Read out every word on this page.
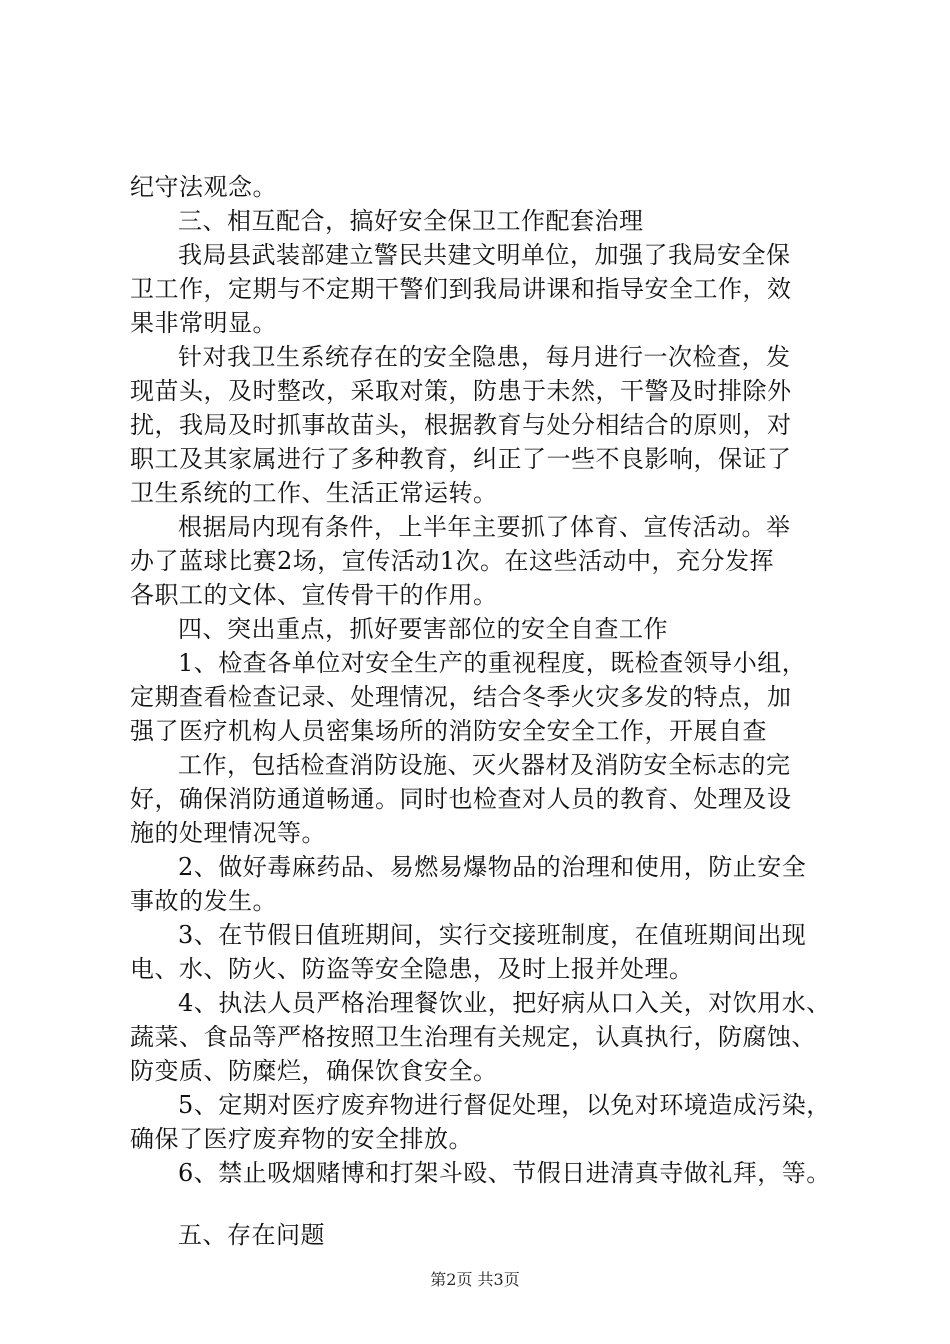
纪守法观念。
三、相互配合，搞好安全保卫工作配套治理
我局县武装部建立警民共建文明单位，加强了我局安全保
卫工作，定期与不定期干警们到我局讲课和指导安全工作，效
果非常明显。
针对我卫生系统存在的安全隐患，每月进行一次检查，发
现苗头，及时整改，采取对策，防患于未然，干警及时排除外
扰，我局及时抓事故苗头，根据教育与处分相结合的原则，对
职工及其家属进行了多种教育，纠正了一些不良影响，保证了
卫生系统的工作、生活正常运转。
根据局内现有条件，上半年主要抓了体育、宣传活动。举
办了蓝球比赛2场，宣传活动1次。在这些活动中，充分发挥
各职工的文体、宣传骨干的作用。
四、突出重点，抓好要害部位的安全自查工作
1、检查各单位对安全生产的重视程度，既检查领导小组，
定期查看检查记录、处理情况，结合冬季火灾多发的特点，加
强了医疗机构人员密集场所的消防安全安全工作，开展自查
工作，包括检查消防设施、灭火器材及消防安全标志的完
好，确保消防通道畅通。同时也检查对人员的教育、处理及设
施的处理情况等。
2、做好毒麻药品、易燃易爆物品的治理和使用，防止安全
事故的发生。
3、在节假日值班期间，实行交接班制度，在值班期间出现
电、水、防火、防盗等安全隐患，及时上报并处理。
4、执法人员严格治理餐饮业，把好病从口入关，对饮用水、
蔬菜、食品等严格按照卫生治理有关规定，认真执行，防腐蚀、
防变质、防糜烂，确保饮食安全。
5、定期对医疗废弃物进行督促处理，以免对环境造成污染，
确保了医疗废弃物的安全排放。
6、禁止吸烟赌博和打架斗殴、节假日进清真寺做礼拜，等。
五、存在问题
第2页 共3页
